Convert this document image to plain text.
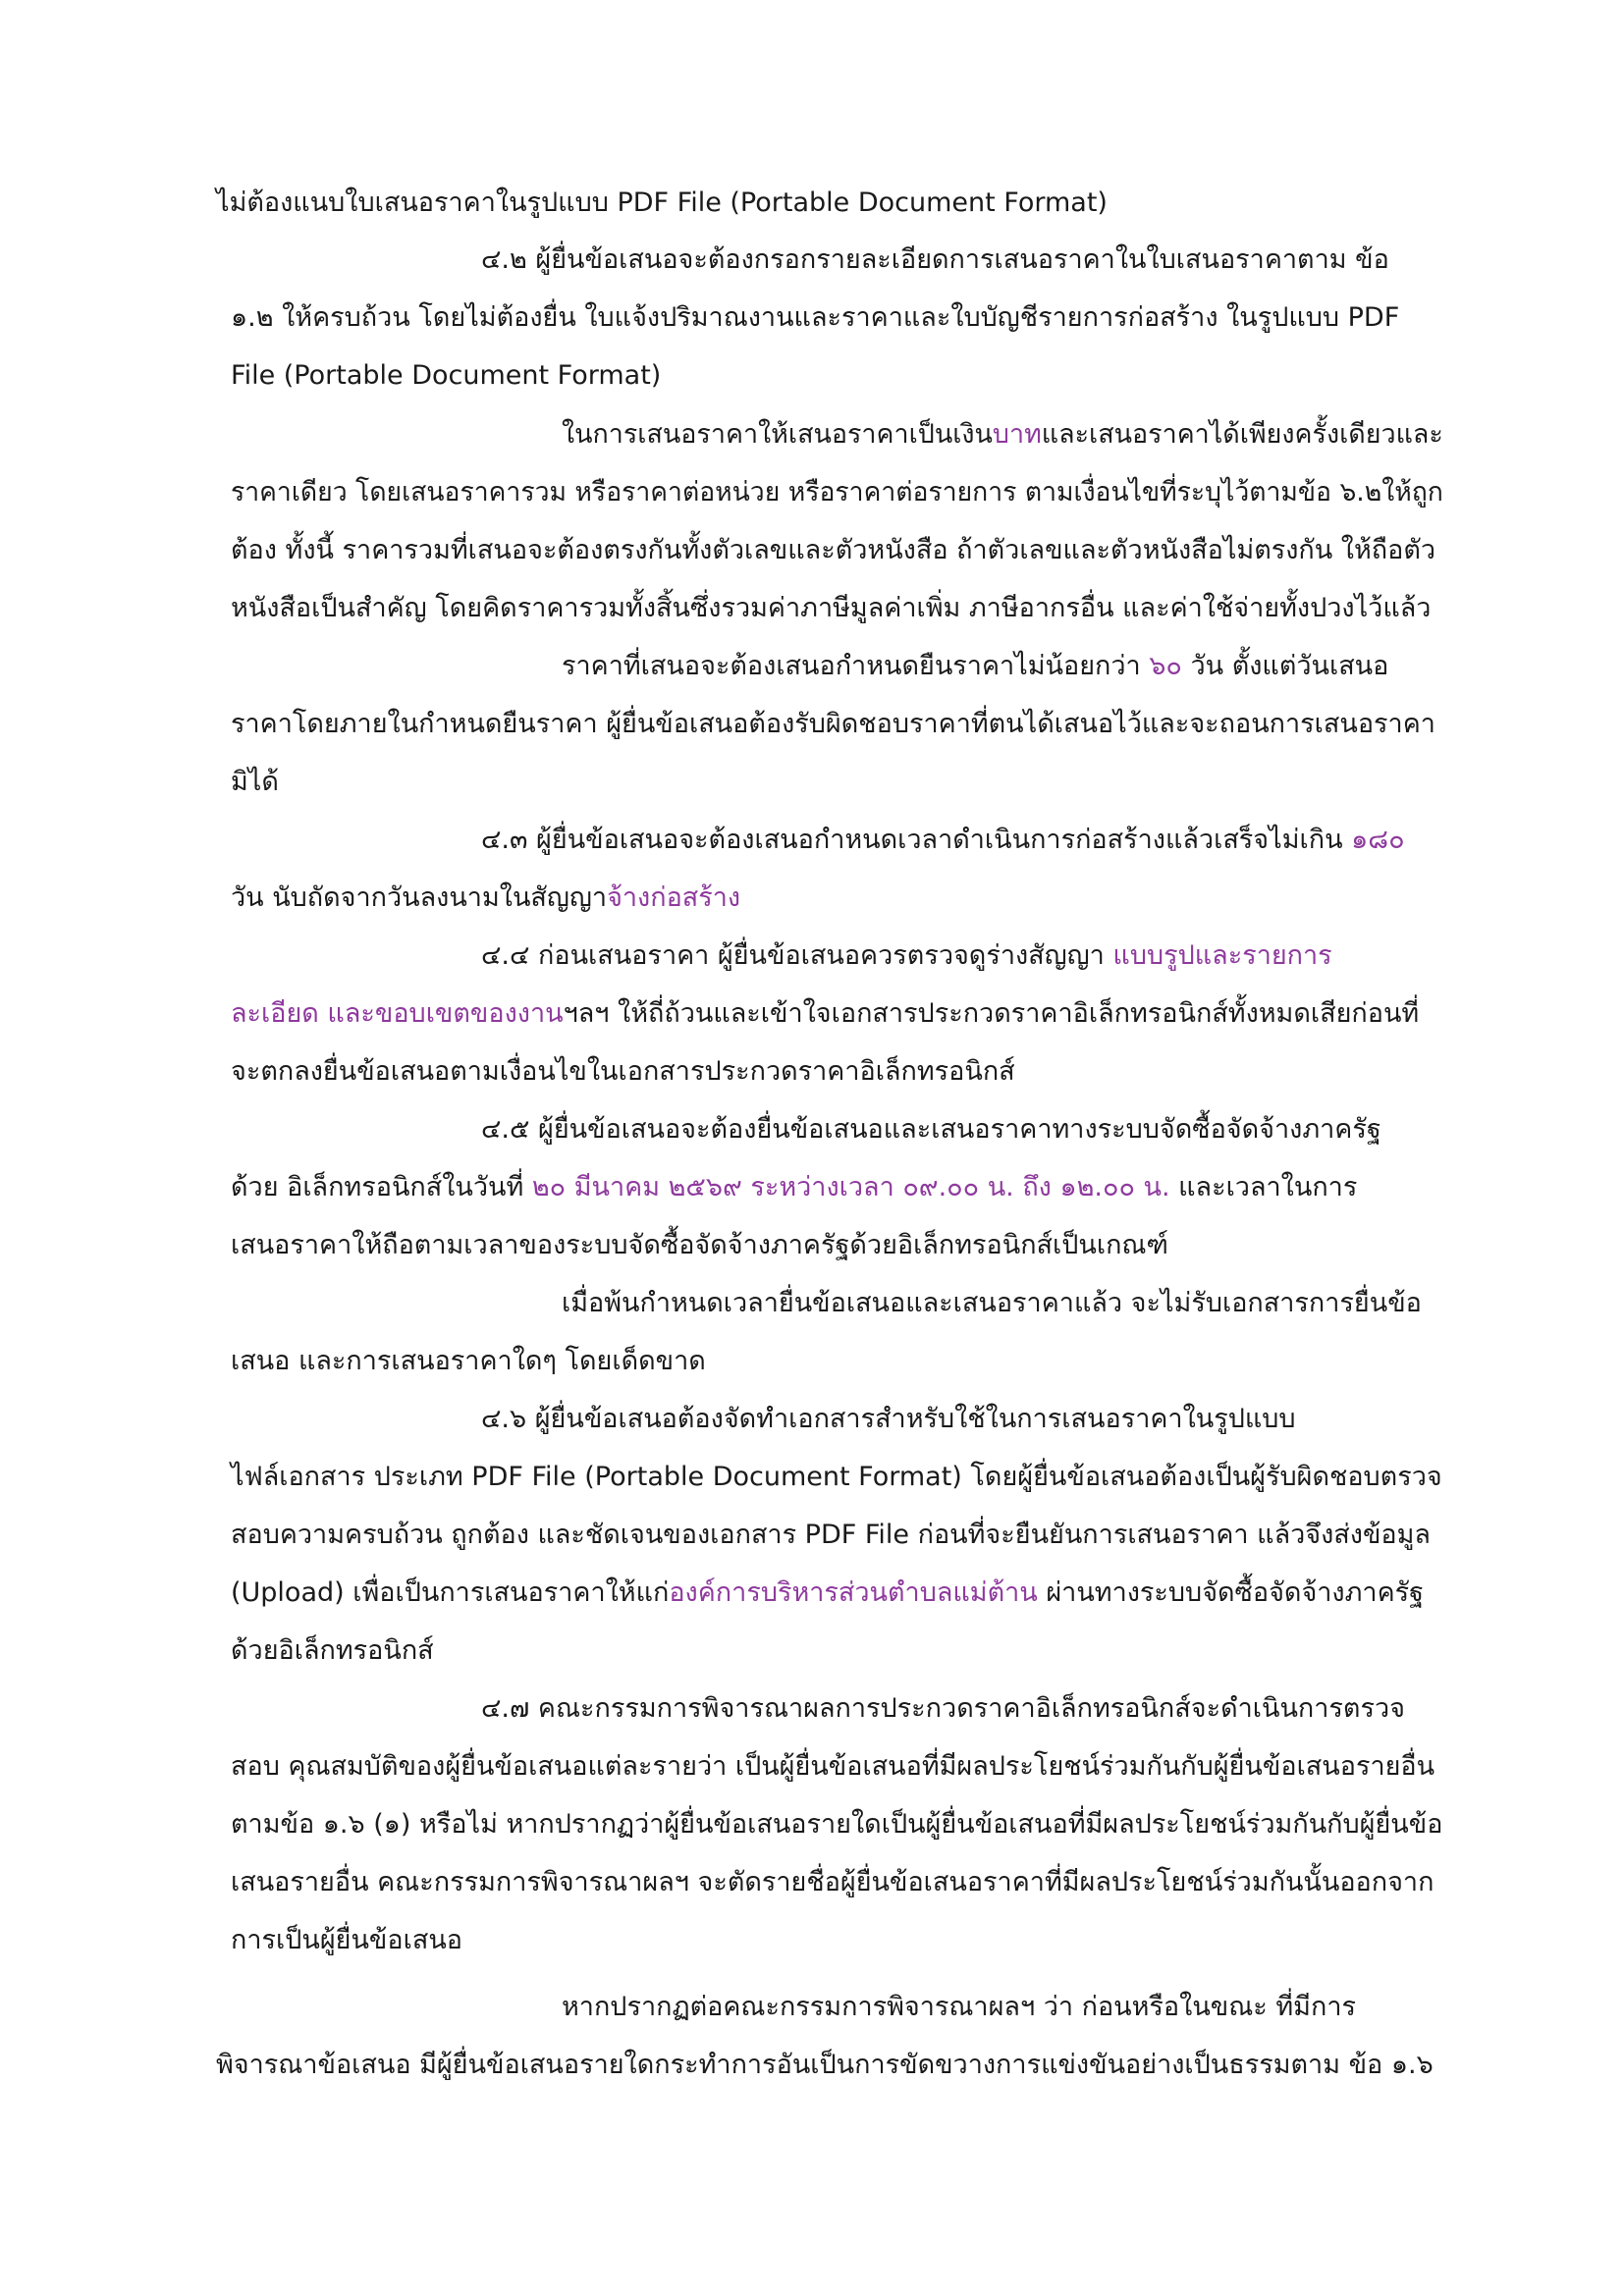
ไม่ต้องแนบใบเสนอราคาในรูปแบบ PDF File (Portable Document Format)

๔.๒ ผู้ยื่นข้อเสนอจะต้องกรอกรายละเอียดการเสนอราคาในใบเสนอราคาตาม ข้อ

๑.๒ ให้ครบถ้วน โดยไม่ต้องยื่น ใบแจ้งปริมาณงานและราคาและใบบัญชีรายการก่อสร้าง ในรูปแบบ PDF

File (Portable Document Format)

ในการเสนอราคาให้เสนอราคาเป็นเงินบาทและเสนอราคาได้เพียงครั้งเดียวและ

ราคาเดียว โดยเสนอราคารวม หรือราคาต่อหน่วย หรือราคาต่อรายการ ตามเงื่อนไขที่ระบุไว้ตามข้อ ๖.๒ให้ถูก

ต้อง ทั้งนี้ ราคารวมที่เสนอจะต้องตรงกันทั้งตัวเลขและตัวหนังสือ ถ้าตัวเลขและตัวหนังสือไม่ตรงกัน ให้ถือตัว

หนังสือเป็นสำคัญ โดยคิดราคารวมทั้งสิ้นซึ่งรวมค่าภาษีมูลค่าเพิ่ม ภาษีอากรอื่น และค่าใช้จ่ายทั้งปวงไว้แล้ว

ราคาที่เสนอจะต้องเสนอกำหนดยืนราคาไม่น้อยกว่า ๖๐ วัน ตั้งแต่วันเสนอ

ราคาโดยภายในกำหนดยืนราคา ผู้ยื่นข้อเสนอต้องรับผิดชอบราคาที่ตนได้เสนอไว้และจะถอนการเสนอราคา

มิได้

๔.๓ ผู้ยื่นข้อเสนอจะต้องเสนอกำหนดเวลาดำเนินการก่อสร้างแล้วเสร็จไม่เกิน ๑๘๐

วัน นับถัดจากวันลงนามในสัญญาจ้างก่อสร้าง

๔.๔ ก่อนเสนอราคา ผู้ยื่นข้อเสนอควรตรวจดูร่างสัญญา แบบรูปและรายการ

ละเอียด และขอบเขตของงานฯลฯ ให้ถี่ถ้วนและเข้าใจเอกสารประกวดราคาอิเล็กทรอนิกส์ทั้งหมดเสียก่อนที่

จะตกลงยื่นข้อเสนอตามเงื่อนไขในเอกสารประกวดราคาอิเล็กทรอนิกส์

๔.๕ ผู้ยื่นข้อเสนอจะต้องยื่นข้อเสนอและเสนอราคาทางระบบจัดซื้อจัดจ้างภาครัฐ

ด้วย อิเล็กทรอนิกส์ในวันที่ ๒๐ มีนาคม ๒๕๖๙ ระหว่างเวลา ๐๙.๐๐ น. ถึง ๑๒.๐๐ น. และเวลาในการ

เสนอราคาให้ถือตามเวลาของระบบจัดซื้อจัดจ้างภาครัฐด้วยอิเล็กทรอนิกส์เป็นเกณฑ์

เมื่อพ้นกำหนดเวลายื่นข้อเสนอและเสนอราคาแล้ว จะไม่รับเอกสารการยื่นข้อ

เสนอ และการเสนอราคาใดๆ โดยเด็ดขาด

๔.๖ ผู้ยื่นข้อเสนอต้องจัดทำเอกสารสำหรับใช้ในการเสนอราคาในรูปแบบ

ไฟล์เอกสาร ประเภท PDF File (Portable Document Format) โดยผู้ยื่นข้อเสนอต้องเป็นผู้รับผิดชอบตรวจ

สอบความครบถ้วน ถูกต้อง และชัดเจนของเอกสาร PDF File ก่อนที่จะยืนยันการเสนอราคา แล้วจึงส่งข้อมูล

(Upload) เพื่อเป็นการเสนอราคาให้แก่องค์การบริหารส่วนตำบลแม่ต้าน ผ่านทางระบบจัดซื้อจัดจ้างภาครัฐ

ด้วยอิเล็กทรอนิกส์

๔.๗ คณะกรรมการพิจารณาผลการประกวดราคาอิเล็กทรอนิกส์จะดำเนินการตรวจ

สอบ คุณสมบัติของผู้ยื่นข้อเสนอแต่ละรายว่า เป็นผู้ยื่นข้อเสนอที่มีผลประโยชน์ร่วมกันกับผู้ยื่นข้อเสนอรายอื่น

ตามข้อ ๑.๖ (๑) หรือไม่ หากปรากฏว่าผู้ยื่นข้อเสนอรายใดเป็นผู้ยื่นข้อเสนอที่มีผลประโยชน์ร่วมกันกับผู้ยื่นข้อ

เสนอรายอื่น คณะกรรมการพิจารณาผลฯ จะตัดรายชื่อผู้ยื่นข้อเสนอราคาที่มีผลประโยชน์ร่วมกันนั้นออกจาก

การเป็นผู้ยื่นข้อเสนอ

หากปรากฏต่อคณะกรรมการพิจารณาผลฯ ว่า ก่อนหรือในขณะ ที่มีการ

พิจารณาข้อเสนอ มีผู้ยื่นข้อเสนอรายใดกระทำการอันเป็นการขัดขวางการแข่งขันอย่างเป็นธรรมตาม ข้อ ๑.๖
